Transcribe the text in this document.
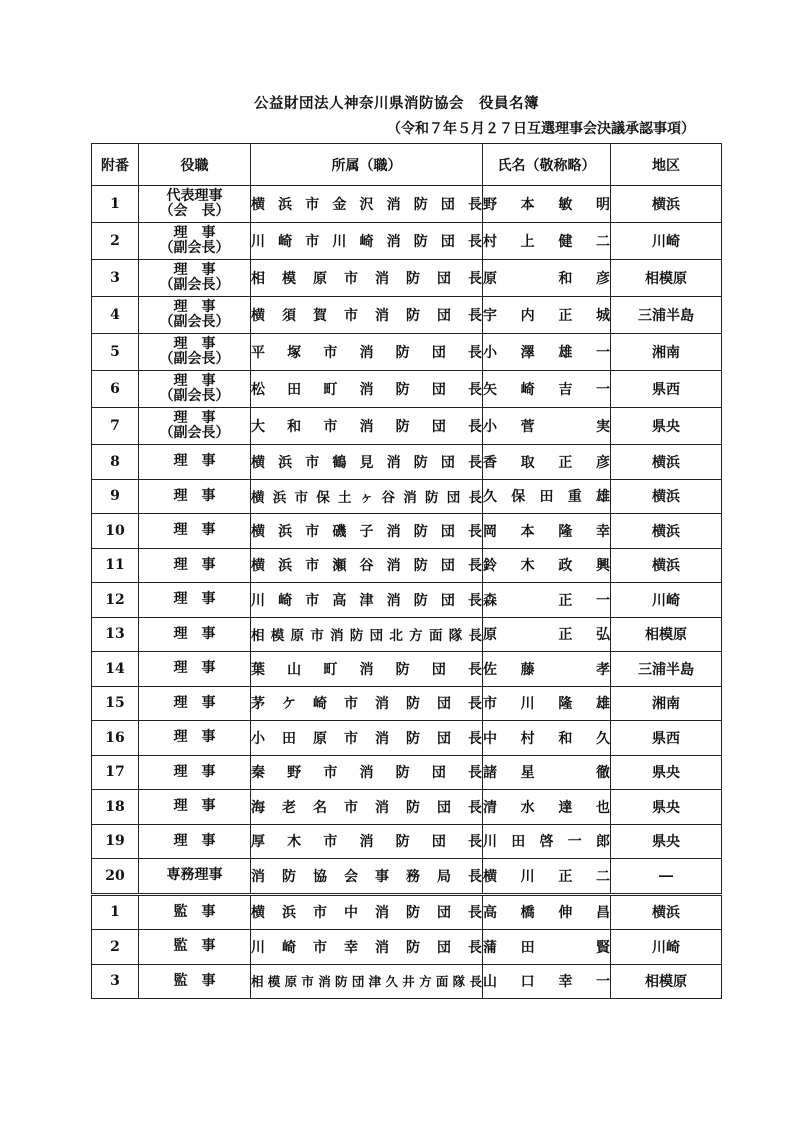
公益財団法人神奈川県消防協会　役員名簿
（令和７年５月２７日互選理事会決議承認事項）
附番	役職	所属（職）	氏名（敬称略）	地区
1	代表理事
（会　長）	横浜市金沢消防団長	野本敏明	横浜
2	理　事
（副会長）	川崎市川崎消防団長	村上健二	川崎
3	理　事
（副会長）	相模原市消防団長	原　和彦	相模原
4	理　事
（副会長）	横須賀市消防団長	宇内正城	三浦半島
5	理　事
（副会長）	平塚市消防団長	小澤雄一	湘南
6	理　事
（副会長）	松田町消防団長	矢崎吉一	県西
7	理　事
（副会長）	大和市消防団長	小菅　実	県央
8	理　事	横浜市鶴見消防団長	香取正彦	横浜
9	理　事	横浜市保土ヶ谷消防団長	久保田重雄	横浜
10	理　事	横浜市磯子消防団長	岡本隆幸	横浜
11	理　事	横浜市瀬谷消防団長	鈴木政興	横浜
12	理　事	川崎市高津消防団長	森　正一	川崎
13	理　事	相模原市消防団北方面隊長	原　正弘	相模原
14	理　事	葉山町消防団長	佐藤　孝	三浦半島
15	理　事	茅ケ崎市消防団長	市川隆雄	湘南
16	理　事	小田原市消防団長	中村和久	県西
17	理　事	秦野市消防団長	諸星　徹	県央
18	理　事	海老名市消防団長	清水達也	県央
19	理　事	厚木市消防団長	川田啓一郎	県央
20	専務理事	消防協会事務局長	横川正二	―
1	監　事	横浜市中消防団長	高橋伸昌	横浜
2	監　事	川崎市幸消防団長	蒲田　賢	川崎
3	監　事	相模原市消防団津久井方面隊長	山口幸一	相模原
